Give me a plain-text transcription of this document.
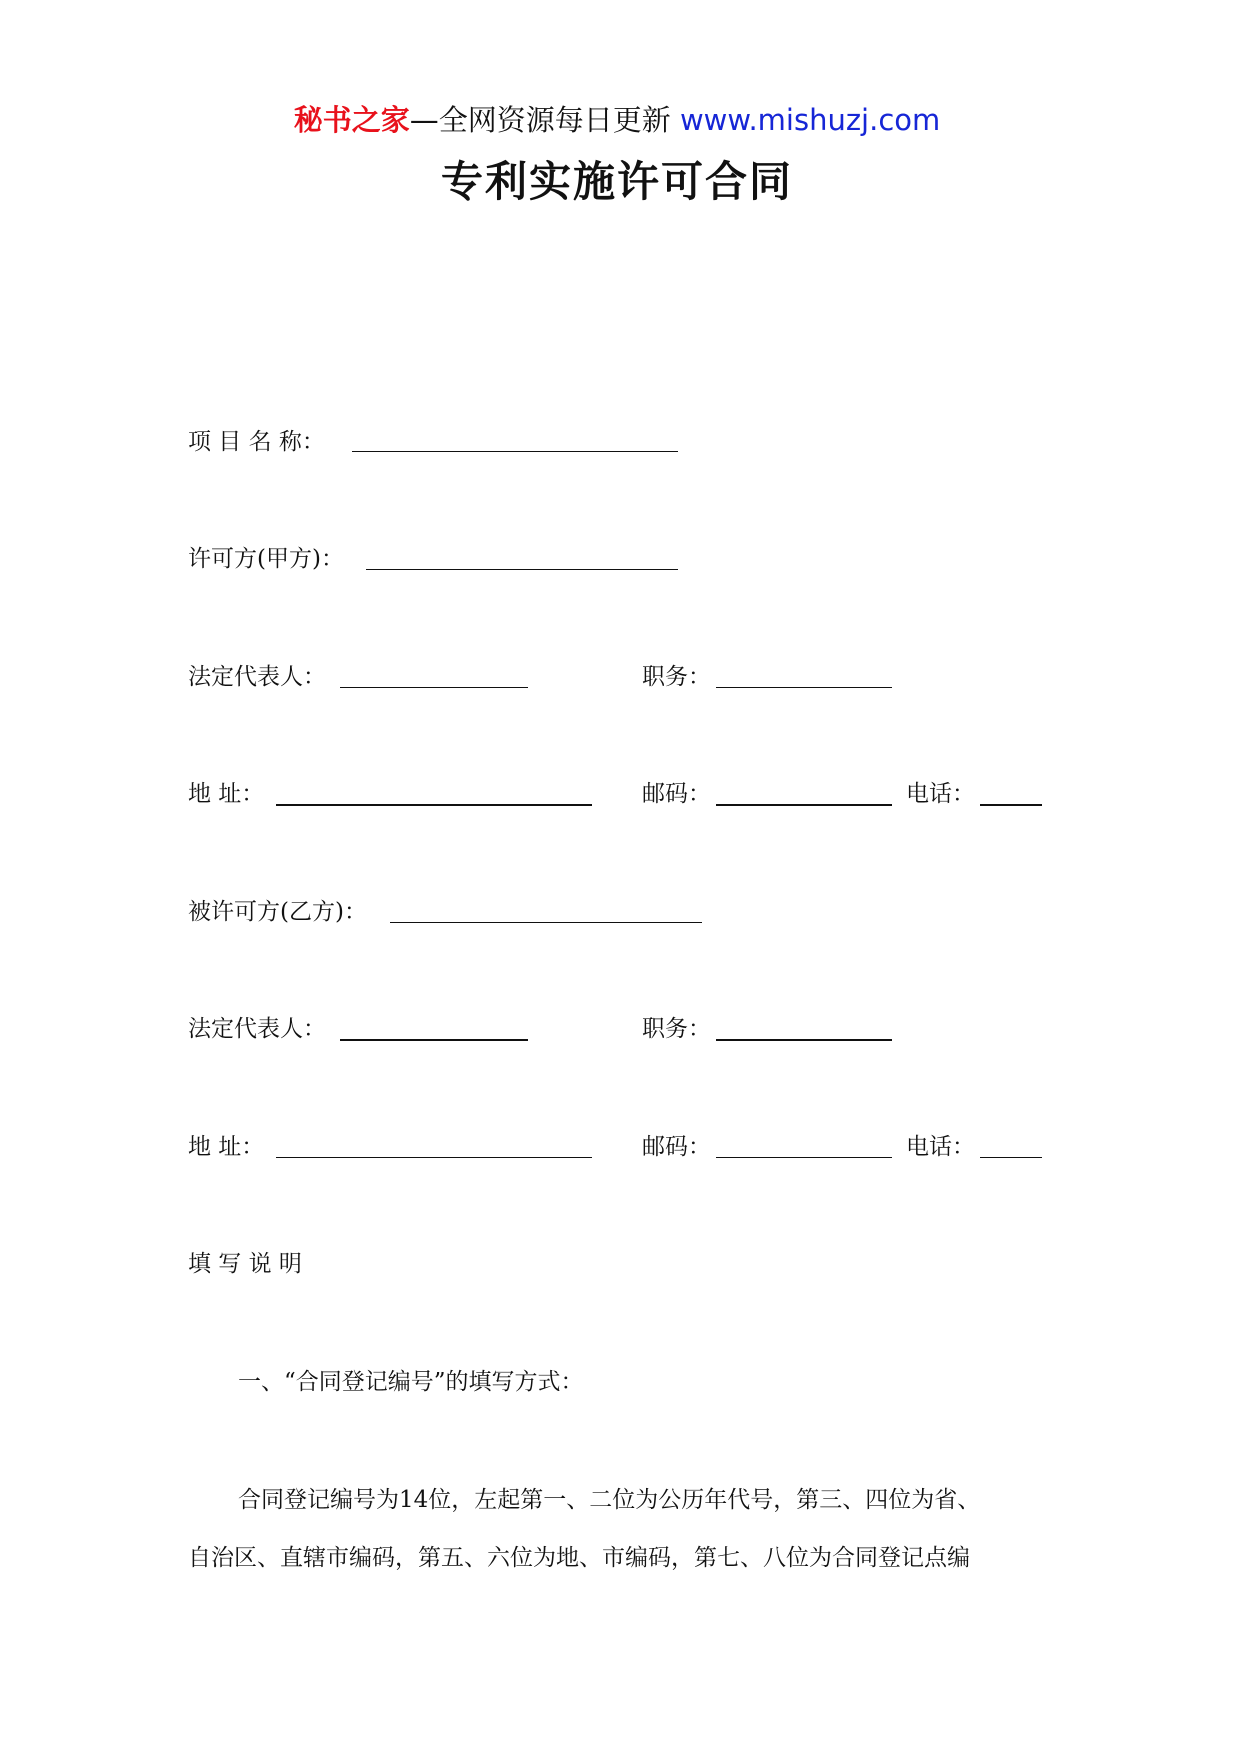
秘书之家—全网资源每日更新 www.mishuzj.com
专利实施许可合同
项 目 名 称：
许可方(甲方)：
法定代表人：	职务：
地 址：	邮码：	电话：
被许可方(乙方)：
法定代表人：	职务：
地 址：	邮码：	电话：
填 写 说 明
一、“合同登记编号”的填写方式：
合同登记编号为14位，左起第一、二位为公历年代号，第三、四位为省、
自治区、直辖市编码，第五、六位为地、市编码，第七、八位为合同登记点编
